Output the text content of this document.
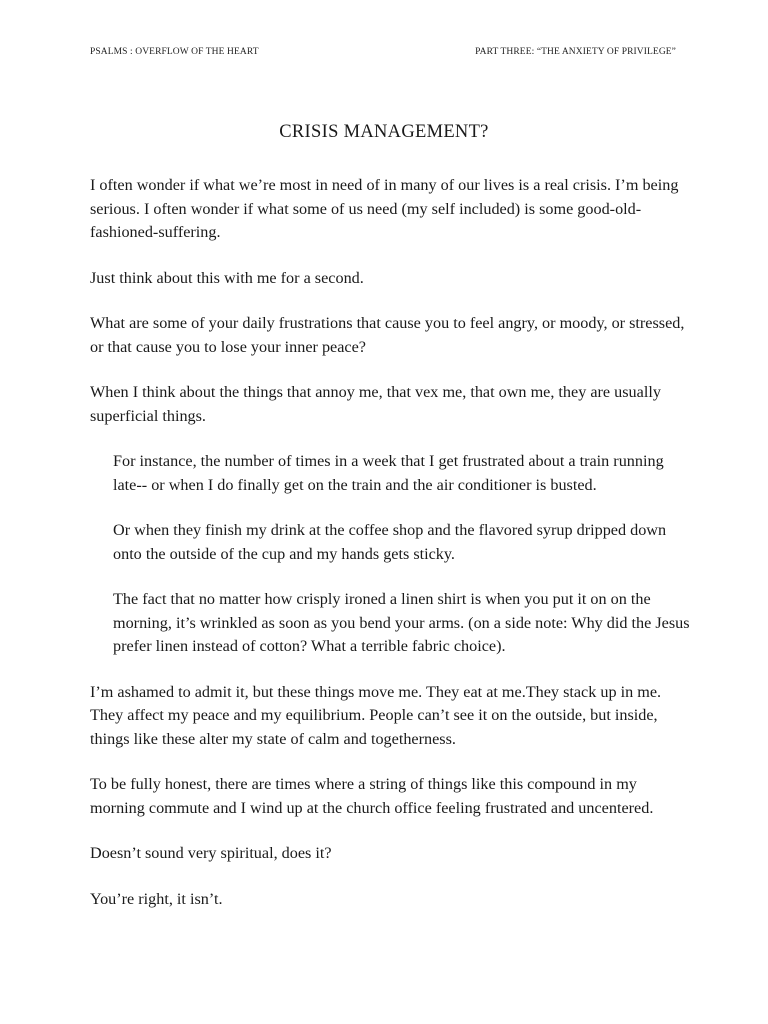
PSALMS : OVERFLOW OF THE HEART	PART THREE: “THE ANXIETY OF PRIVILEGE”
CRISIS MANAGEMENT?

I often wonder if what we’re most in need of in many of our lives is a real crisis. I’m being serious. I often wonder if what some of us need (my self included) is some good-old-fashioned-suffering.

Just think about this with me for a second.

What are some of your daily frustrations that cause you to feel angry, or moody, or stressed, or that cause you to lose your inner peace?

When I think about the things that annoy me, that vex me, that own me, they are usually superficial things.

For instance, the number of times in a week that I get frustrated about a train running late-- or when I do finally get on the train and the air conditioner is busted.

Or when they finish my drink at the coffee shop and the flavored syrup dripped down onto the outside of the cup and my hands gets sticky.

The fact that no matter how crisply ironed a linen shirt is when you put it on on the morning, it’s wrinkled as soon as you bend your arms. (on a side note: Why did the Jesus prefer linen instead of cotton? What a terrible fabric choice).

I’m ashamed to admit it, but these things move me. They eat at me.They stack up in me. They affect my peace and my equilibrium. People can’t see it on the outside, but inside, things like these alter my state of calm and togetherness.

To be fully honest, there are times where a string of things like this compound in my morning commute and I wind up at the church office feeling frustrated and uncentered.

Doesn’t sound very spiritual, does it?

You’re right, it isn’t.
